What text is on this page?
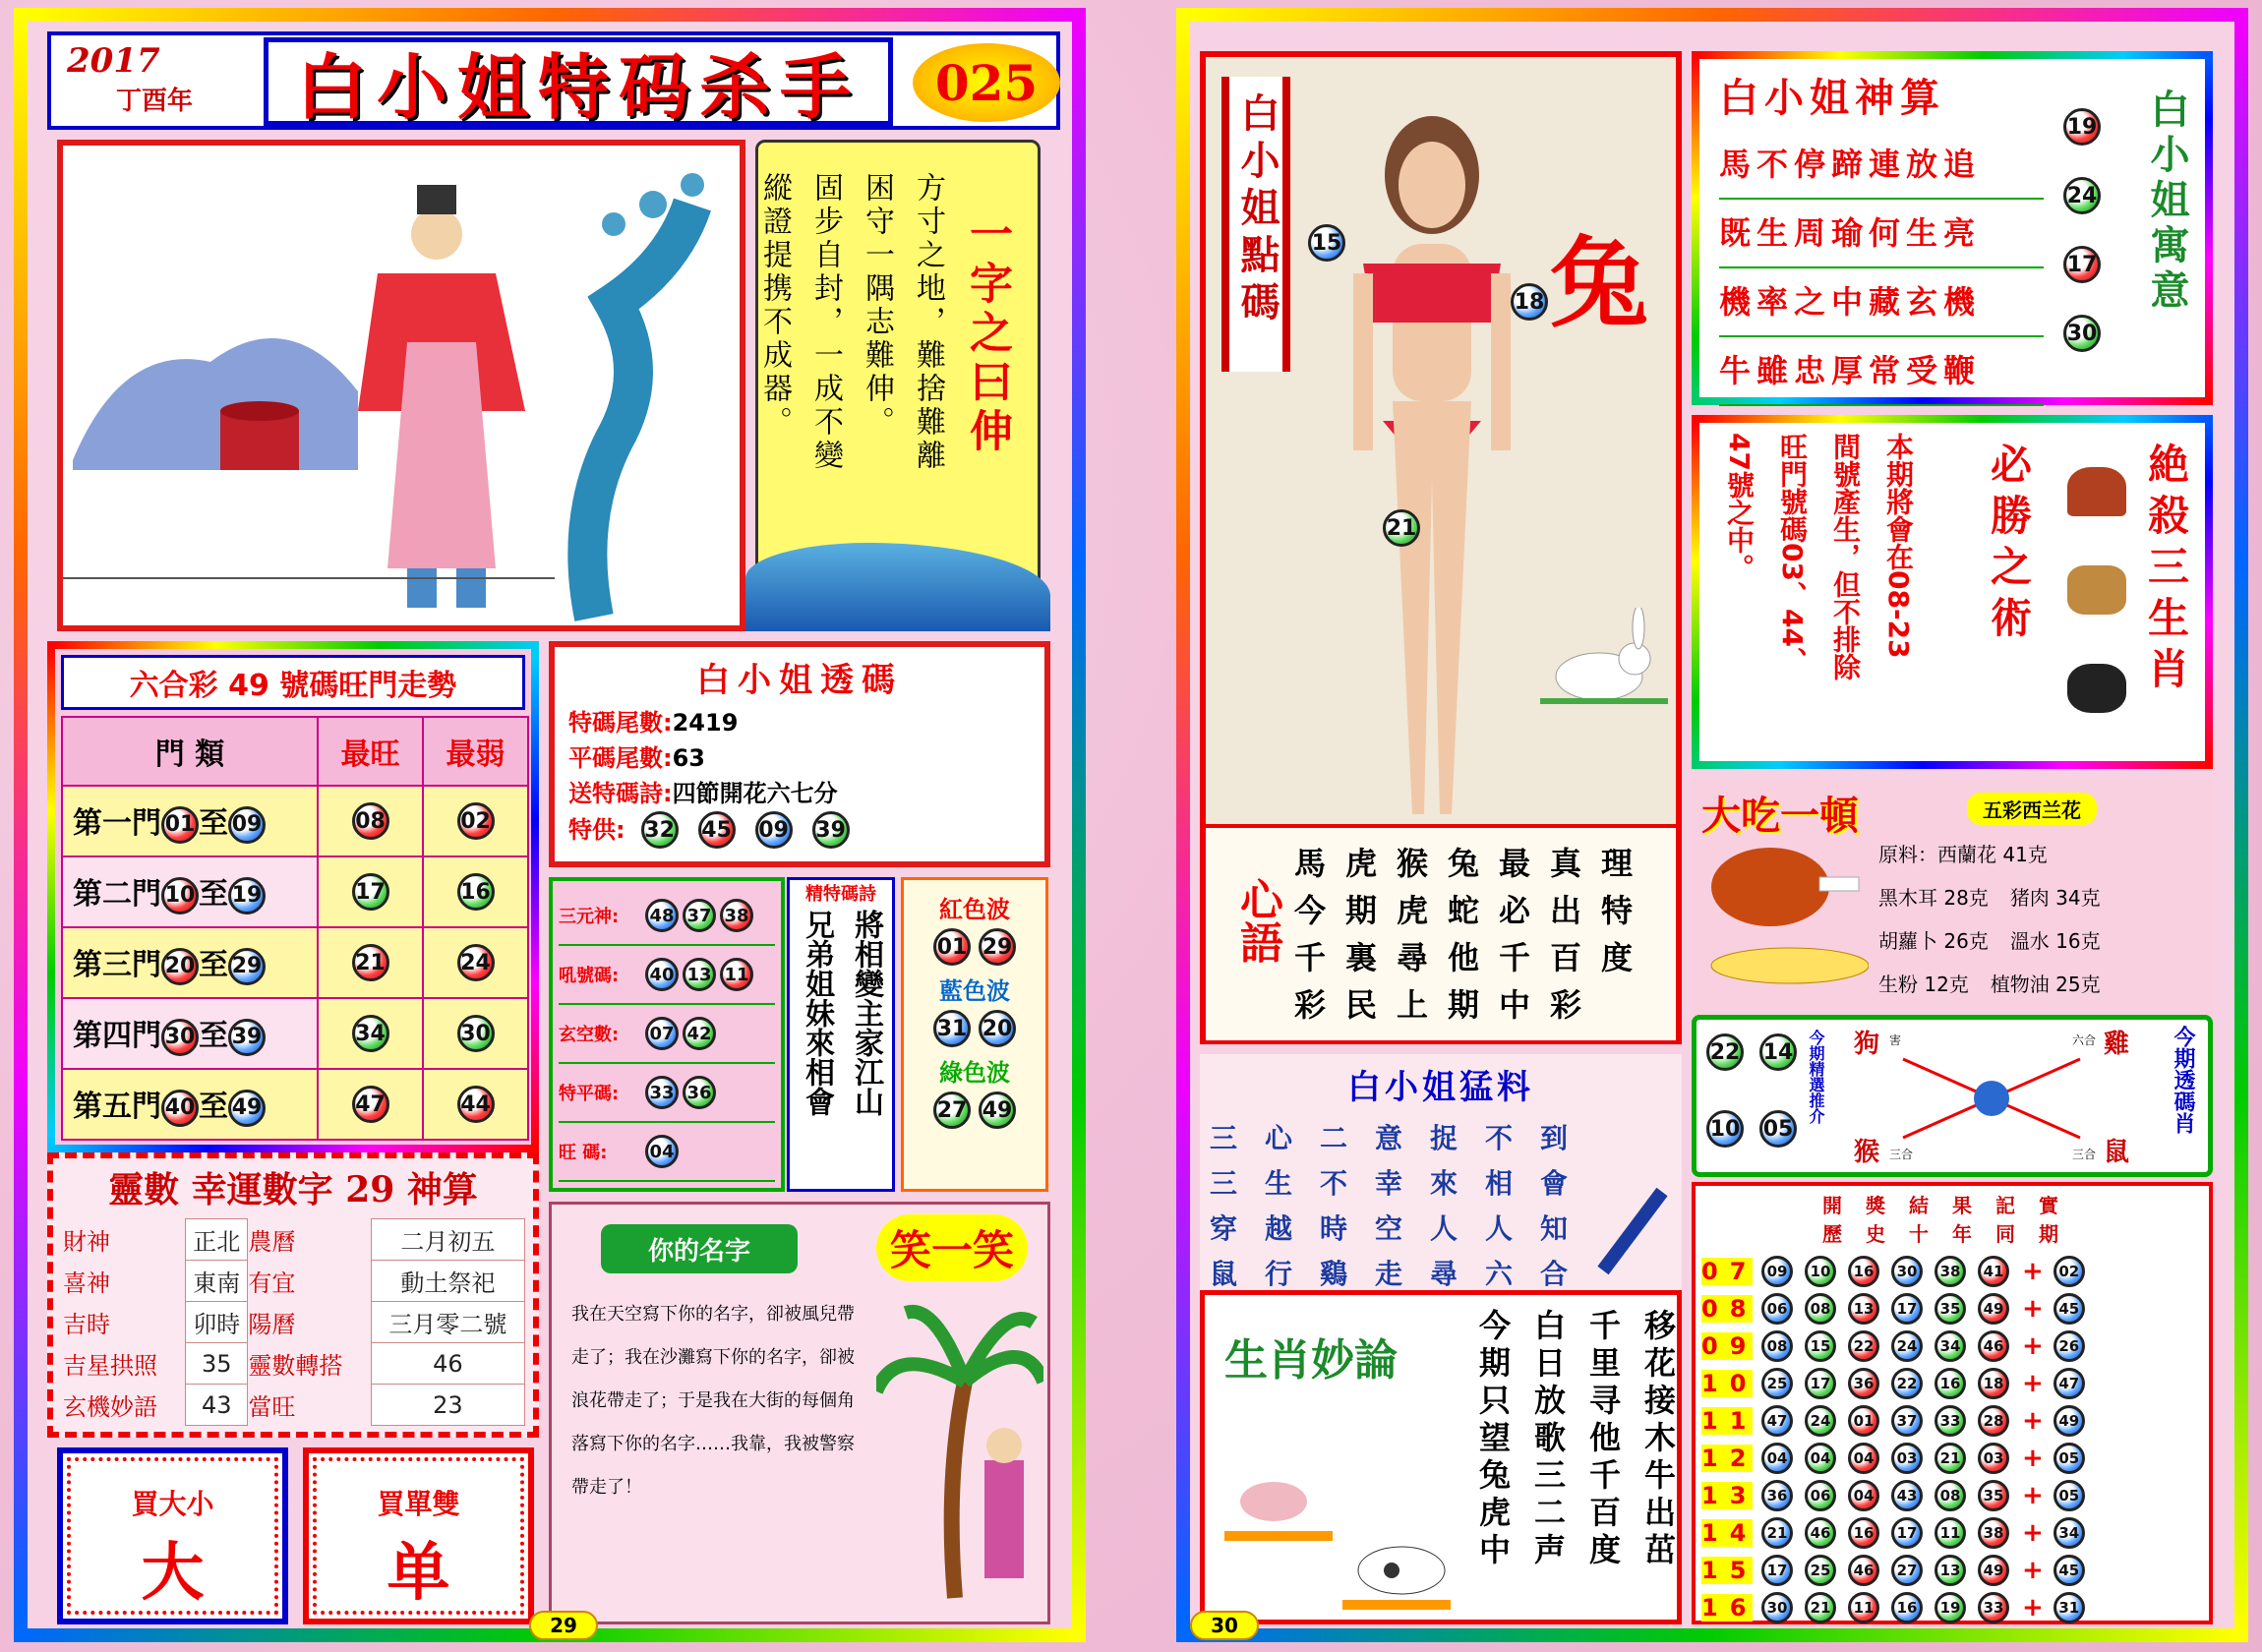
2017
丁酉年	白小姐特码杀手	025
一字之曰伸
方寸之地，難捨難離
困守一隅志難伸。
固步自封，一成不變
縱證提携不成器。
六合彩 49 號碼旺門走勢
門 類	最旺	最弱
第一門 01 至 09	08	02
第二門 10 至 19	17	16
第三門 20 至 29	21	24
第四門 30 至 39	34	30
第五門 40 至 49	47	44
白小姐透碼
特碼尾數:2419
平碼尾數:63
送特碼詩:四節開花六七分
特供: 32 45 09 39
三元神:	48 37 38
吼號碼:	40 13 11
玄空數:	07 42
特平碼:	33 36
旺 碼:	04
精特碼詩
將相變主家江山
兄弟姐妹來相會	紅色波
01 29
藍色波
31 20
綠色波
27 49
靈數 幸運數字 29 神算
財神	正北	農曆	二月初五
喜神	東南	有宜	動土祭祀
吉時	卯時	陽曆	三月零二號
吉星拱照	35	靈數轉搭	46
玄機妙語	43	當旺	23
買大小
大
買單雙
单
你的名字	笑一笑
我在天空寫下你的名字，卻被風兒帶走了；我在沙灘寫下你的名字，卻被浪花帶走了；于是我在大街的每個角落寫下你的名字……我靠，我被警察帶走了！
29
白小姐點碼 15
18
21
兔
心語
馬虎猴兔最真理
今期虎蛇必出特
千裏尋他千百度
彩民上期中彩
白小姐神算
馬不停蹄連放追
既生周瑜何生亮
機率之中藏玄機
牛雖忠厚常受鞭
19
24
17
30
白小姐寓意
絶殺三生肖
必勝之術
本期將會在08-23
間號產生，但不排除
旺門號碼03、44、
47號之中。
大吃一頓	五彩西兰花
原料：西蘭花 41克
黑木耳 28克 猪肉 34克
胡蘿卜 26克 溫水 16克
生粉 12克 植物油 25克
22 14
10 05
今期精選推介 狗 害	雞
六合
猴 三合	鼠
三合
今期透碼肖
白小姐猛料
三心二意捉不到
三生不幸來相會
穿越時空人人知
鼠行鷄走尋六合
生肖妙論	移花接木牛出茁
千里寻他千百度
白日放歌三二声
今期只望兔虎中
開獎結果記實
歷史十年同期
07 09	10	16	30	38	41 +	02
08 06	08	13	17	35	49 +	45
09 08	15	22	24	34	46 +	26
10 25	17	36	22	16	18 +	47
11 47	24	01	37	33	28 +	49
12 04	04	04	03	21	03 +	05
13 36	06	04	43	08	35 +	05
14 21	46	16	17	11	38 +	34
15 17	25	46	27	13	49 +	45
16 30	21	11	16	19	33 +	31
30
